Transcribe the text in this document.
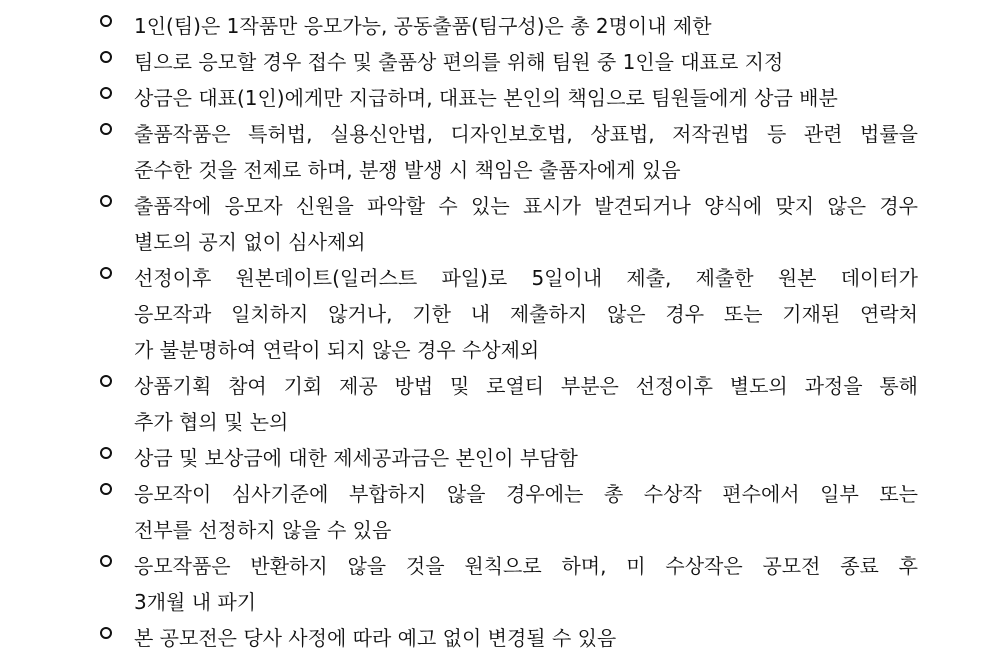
1인(팀)은 1작품만 응모가능, 공동출품(팀구성)은 총 2명이내 제한
팀으로 응모할 경우 접수 및 출품상 편의를 위해 팀원 중 1인을 대표로 지정
상금은 대표(1인)에게만 지급하며, 대표는 본인의 책임으로 팀원들에게 상금 배분
출품작품은 특허법, 실용신안법, 디자인보호법, 상표법, 저작권법 등 관련 법률을
준수한 것을 전제로 하며, 분쟁 발생 시 책임은 출품자에게 있음
출품작에 응모자 신원을 파악할 수 있는 표시가 발견되거나 양식에 맞지 않은 경우
별도의 공지 없이 심사제외
선정이후 원본데이트(일러스트 파일)로 5일이내 제출, 제출한 원본 데이터가
응모작과 일치하지 않거나, 기한 내 제출하지 않은 경우 또는 기재된 연락처
가 불분명하여 연락이 되지 않은 경우 수상제외
상품기획 참여 기회 제공 방법 및 로열티 부분은 선정이후 별도의 과정을 통해
추가 협의 및 논의
상금 및 보상금에 대한 제세공과금은 본인이 부담함
응모작이 심사기준에 부합하지 않을 경우에는 총 수상작 편수에서 일부 또는
전부를 선정하지 않을 수 있음
응모작품은 반환하지 않을 것을 원칙으로 하며, 미 수상작은 공모전 종료 후
3개월 내 파기
본 공모전은 당사 사정에 따라 예고 없이 변경될 수 있음
